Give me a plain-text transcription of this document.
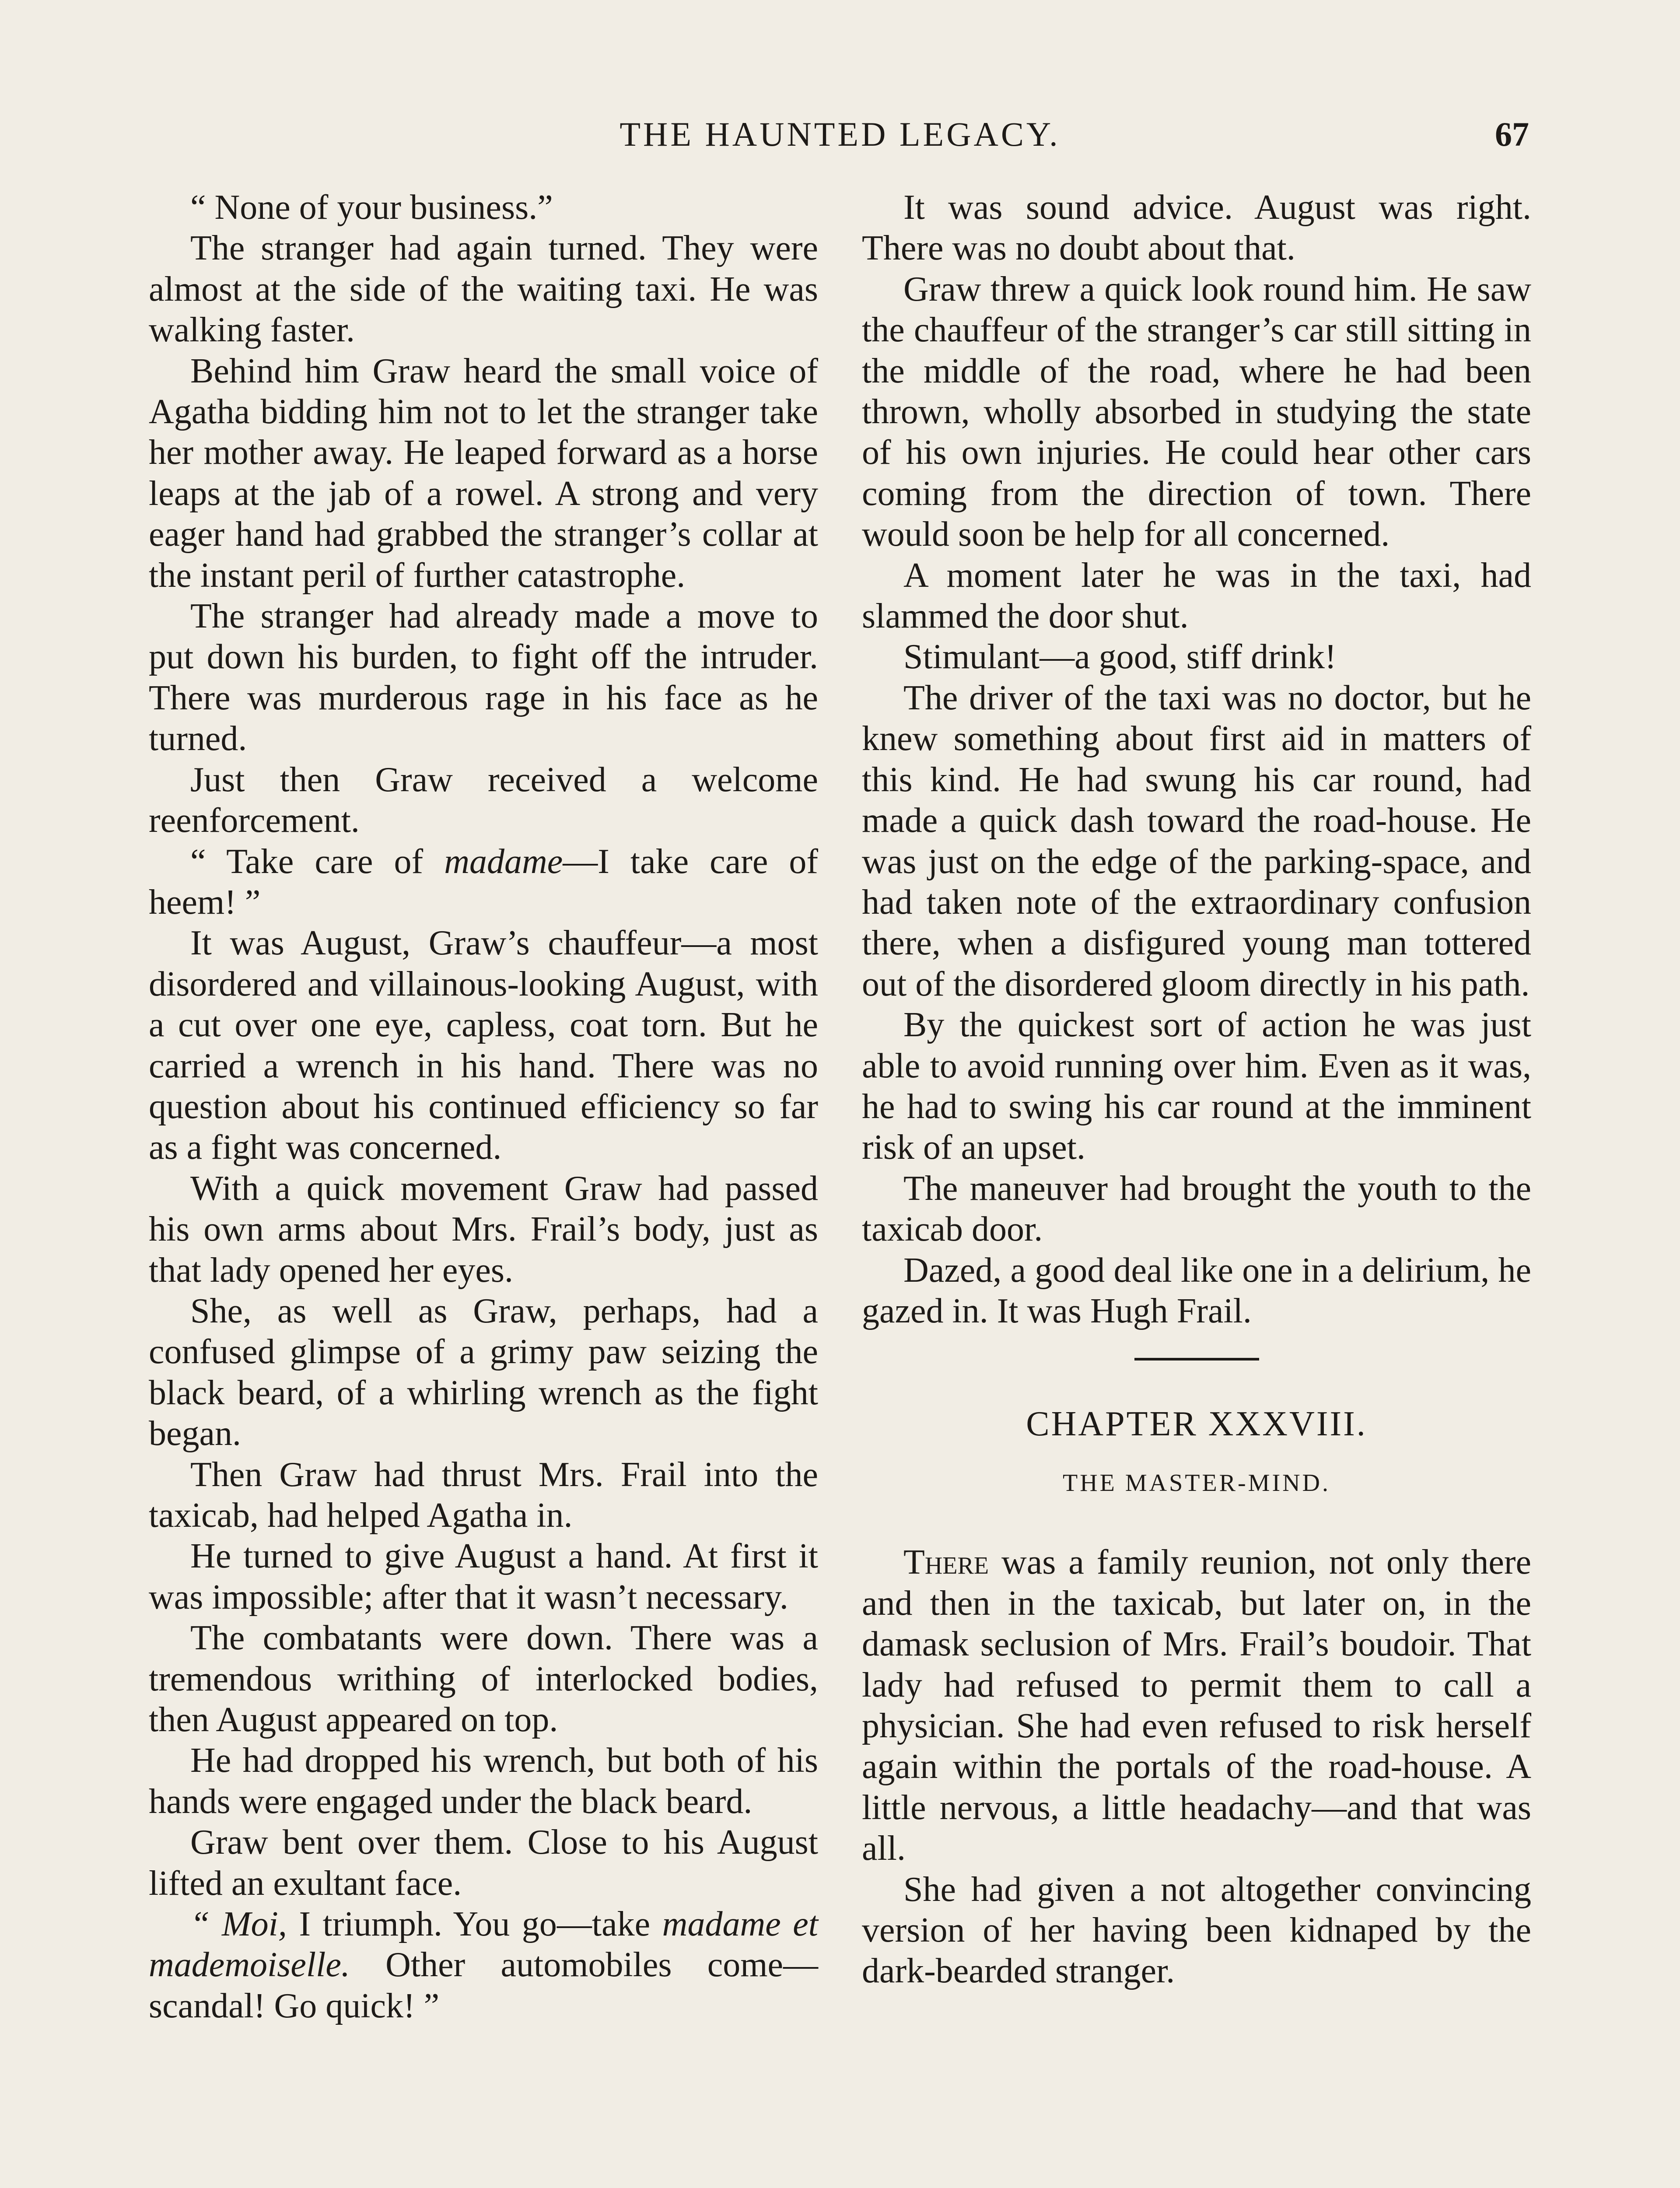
THE HAUNTED LEGACY.	67

“ None of your business.”

The stranger had again turned. They were almost at the side of the waiting taxi. He was walking faster.

Behind him Graw heard the small voice of Agatha bidding him not to let the stranger take her mother away. He leaped forward as a horse leaps at the jab of a rowel. A strong and very eager hand had grabbed the stranger’s collar at the instant peril of further catastrophe.

The stranger had already made a move to put down his burden, to fight off the intruder. There was murderous rage in his face as he turned.

Just then Graw received a welcome reenforcement.

“ Take care of madame—I take care of heem! ”

It was August, Graw’s chauffeur—a most disordered and villainous-looking August, with a cut over one eye, capless, coat torn. But he carried a wrench in his hand. There was no question about his continued efficiency so far as a fight was concerned.

With a quick movement Graw had passed his own arms about Mrs. Frail’s body, just as that lady opened her eyes.

She, as well as Graw, perhaps, had a confused glimpse of a grimy paw seizing the black beard, of a whirling wrench as the fight began.

Then Graw had thrust Mrs. Frail into the taxicab, had helped Agatha in.

He turned to give August a hand. At first it was impossible; after that it wasn’t necessary.

The combatants were down. There was a tremendous writhing of interlocked bodies, then August appeared on top.

He had dropped his wrench, but both of his hands were engaged under the black beard.

Graw bent over them. Close to his August lifted an exultant face.

“ Moi, I triumph. You go—take madame et mademoiselle. Other automobiles come—scandal! Go quick! ”

It was sound advice. August was right. There was no doubt about that.

Graw threw a quick look round him. He saw the chauffeur of the stranger’s car still sitting in the middle of the road, where he had been thrown, wholly absorbed in studying the state of his own injuries. He could hear other cars coming from the direction of town. There would soon be help for all concerned.

A moment later he was in the taxi, had slammed the door shut.

Stimulant—a good, stiff drink!

The driver of the taxi was no doctor, but he knew something about first aid in matters of this kind. He had swung his car round, had made a quick dash toward the road-house. He was just on the edge of the parking-space, and had taken note of the extraordinary confusion there, when a disfigured young man tottered out of the disordered gloom directly in his path.

By the quickest sort of action he was just able to avoid running over him. Even as it was, he had to swing his car round at the imminent risk of an upset.

The maneuver had brought the youth to the taxicab door.

Dazed, a good deal like one in a delirium, he gazed in. It was Hugh Frail.

CHAPTER XXXVIII.
THE MASTER-MIND.

There was a family reunion, not only there and then in the taxicab, but later on, in the damask seclusion of Mrs. Frail’s boudoir. That lady had refused to permit them to call a physician. She had even refused to risk herself again within the portals of the road-house. A little nervous, a little headachy—and that was all.

She had given a not altogether convincing version of her having been kidnaped by the dark-bearded stranger.
